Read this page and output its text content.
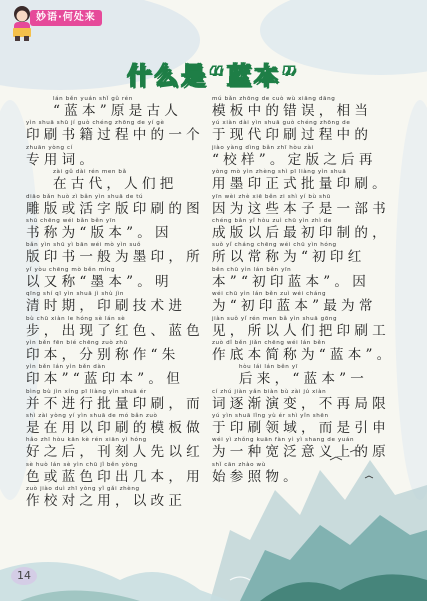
妙语·何处来
什么是“蓝本”
lán běn yuán shǐ gǔ rén
“蓝本”原是古人
yìn shuā shū jí guò chéng zhōng de yí gè
印刷书籍过程中的一个
zhuān yòng cí
专用词。
zài gǔ dài rén men bǎ
在古代，人们把
diāo bǎn huò zì bǎn yìn shuā de tú
雕版或活字版印刷的图
shū chēng wéi bǎn běn yīn
书称为“版本”。因
bǎn yìn shū yì bān wéi mò yìn suǒ
版印书一般为墨印，所
yǐ yòu chēng mò běn míng
以又称“墨本”。明
qīng shí qī yìn shuā jì shù jìn
清时期，印刷技术进
bù chū xiàn le hóng sè lán sè
步，出现了红色、蓝色
yìn běn fēn bié chēng zuò zhū
印本，分别称作“朱
yìn běn lán yìn běn dàn
印本”“蓝印本”。但
bìng bù jìn xíng pī liàng yìn shuā ér
并不进行批量印刷，而
shì zài yòng yí yìn shuā de mó bǎn zuò
是在用以印刷的模板做
hǎo zhī hòu kān kè rén xiān yì hóng
好之后，刊刻人先以红
sè huò lán sè yìn chū jǐ běn yòng
色或蓝色印出几本，用
zuò jiào duì zhī yòng yǐ gǎi zhèng
作校对之用，以改正
mú bǎn zhōng de cuò wù xiāng dāng
模板中的错误，相当
yú xiàn dài yìn shuā guò chéng zhōng de
于现代印刷过程中的
jiào yàng dìng bǎn zhī hòu zài
“校样”。定版之后再
yòng mò yìn zhèng shì pī liàng yìn shuā
用墨印正式批量印刷。
yīn wèi zhè xiē běn zi shì yí bù shū
因为这些本子是一部书
chéng bǎn yǐ hòu zuì chū yìn zhì de
成版以后最初印制的，
suǒ yǐ cháng chēng wéi chū yìn hóng
所以常称为“初印红
běn chū yìn lán běn yīn
本”“初印蓝本”。因
wéi chū yìn lán běn zuì wéi cháng
为“初印蓝本”最为常
jiàn suǒ yǐ rén men bǎ yìn shuā gōng
见，所以人们把印刷工
zuò dǐ běn jiǎn chēng wéi lán běn
作底本简称为“蓝本”。
hòu lái lán běn yī
后来，“蓝本”一
cí zhú jiàn yǎn biàn bù zài jú xiàn
词逐渐演变，不再局限
yú yìn shuā lǐng yù ér shì yǐn shēn
于印刷领域，而是引申
wéi yì zhǒng kuān fàn yì yì shang de yuán
为一种宽泛意义上的原
shǐ cān zhào wù
始参照物。
14
